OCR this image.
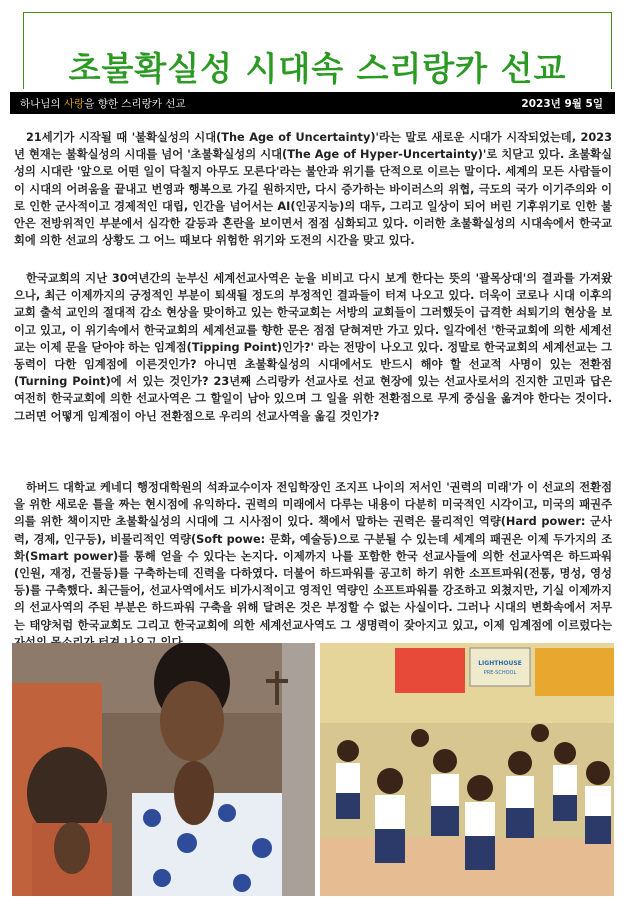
초불확실성 시대속 스리랑카 선교
하나님의 사랑을 향한 스리랑카 선교	2023년 9월 5일

21세기가 시작될 때 '불확실성의 시대(The Age of Uncertainty)'라는 말로 새로운 시대가 시작되었는데, 2023년 현재는 불확실성의 시대를 넘어 '초불확실성의 시대(The Age of Hyper-Uncertainty)'로 치닫고 있다. 초불확실성의 시대란 '앞으로 어떤 일이 닥칠지 아무도 모른다'라는 불안과 위기를 단적으로 이르는 말이다. 세계의 모든 사람들이 이 시대의 어려움을 끝내고 번영과 행복으로 가길 원하지만, 다시 증가하는 바이러스의 위협, 극도의 국가 이기주의와 이로 인한 군사적이고 경제적인 대립, 인간을 넘어서는 AI(인공지능)의 대두, 그리고 일상이 되어 버린 기후위기로 인한 불안은 전방위적인 부분에서 심각한 갈등과 혼란을 보이면서 점점 심화되고 있다. 이러한 초불확실성의 시대속에서 한국교회에 의한 선교의 상황도 그 어느 때보다 위험한 위기와 도전의 시간을 맞고 있다.

한국교회의 지난 30여년간의 눈부신 세계선교사역은 눈을 비비고 다시 보게 한다는 뜻의 '괄목상대'의 결과를 가져왔으나, 최근 이제까지의 긍정적인 부분이 퇴색될 정도의 부정적인 결과들이 터져 나오고 있다. 더욱이 코로나 시대 이후의 교회 출석 교인의 절대적 감소 현상을 맞이하고 있는 한국교회는 서방의 교회들이 그러했듯이 급격한 쇠퇴기의 현상을 보이고 있고, 이 위기속에서 한국교회의 세계선교를 향한 문은 점점 닫혀져만 가고 있다. 일각에선 '한국교회에 의한 세계선교는 이제 문을 닫아야 하는 임계점(Tipping Point)인가?' 라는 전망이 나오고 있다. 정말로 한국교회의 세계선교는 그 동력이 다한 임계점에 이른것인가? 아니면 초불확실성의 시대에서도 반드시 해야 할 선교적 사명이 있는 전환점(Turning Point)에 서 있는 것인가? 23년째 스리랑카 선교사로 선교 현장에 있는 선교사로서의 진지한 고민과 답은 여전히 한국교회에 의한 선교사역은 그 할일이 남아 있으며 그 일을 위한 전환점으로 무게 중심을 옮겨야 한다는 것이다. 그러면 어떻게 임계점이 아닌 전환점으로 우리의 선교사역을 옮길 것인가?

하버드 대학교 케네디 행정대학원의 석좌교수이자 전임학장인 조지프 나이의 저서인 '권력의 미래'가 이 선교의 전환점을 위한 새로운 틀을 짜는 현시점에 유익하다. 권력의 미래에서 다루는 내용이 다분히 미국적인 시각이고, 미국의 패권주의를 위한 책이지만 초불확실성의 시대에 그 시사점이 있다. 책에서 말하는 권력은 물리적인 역량(Hard power: 군사력, 경제, 인구등), 비물리적인 역량(Soft powe: 문화, 예술등)으로 구분될 수 있는데 세계의 패권은 이제 두가지의 조화(Smart power)를 통해 얻을 수 있다는 논지다. 이제까지 나를 포함한 한국 선교사들에 의한 선교사역은 하드파워(인원, 재정, 건물등)를 구축하는데 진력을 다하였다. 더불어 하드파워를 공고히 하기 위한 소프트파워(전통, 명성, 영성등)를 구축했다. 최근들어, 선교사역에서도 비가시적이고 영적인 역량인 소프트파워를 강조하고 외쳤지만, 기실 이제까지의 선교사역의 주된 부분은 하드파워 구축을 위해 달려온 것은 부정할 수 없는 사실이다. 그러나 시대의 변화속에서 저무는 태양처럼 한국교회도 그리고 한국교회에 의한 세계선교사역도 그 생명력이 잦아지고 있고, 이제 임계점에 이르렀다는

LIGHTHOUSE
PRE-SCHOOL
